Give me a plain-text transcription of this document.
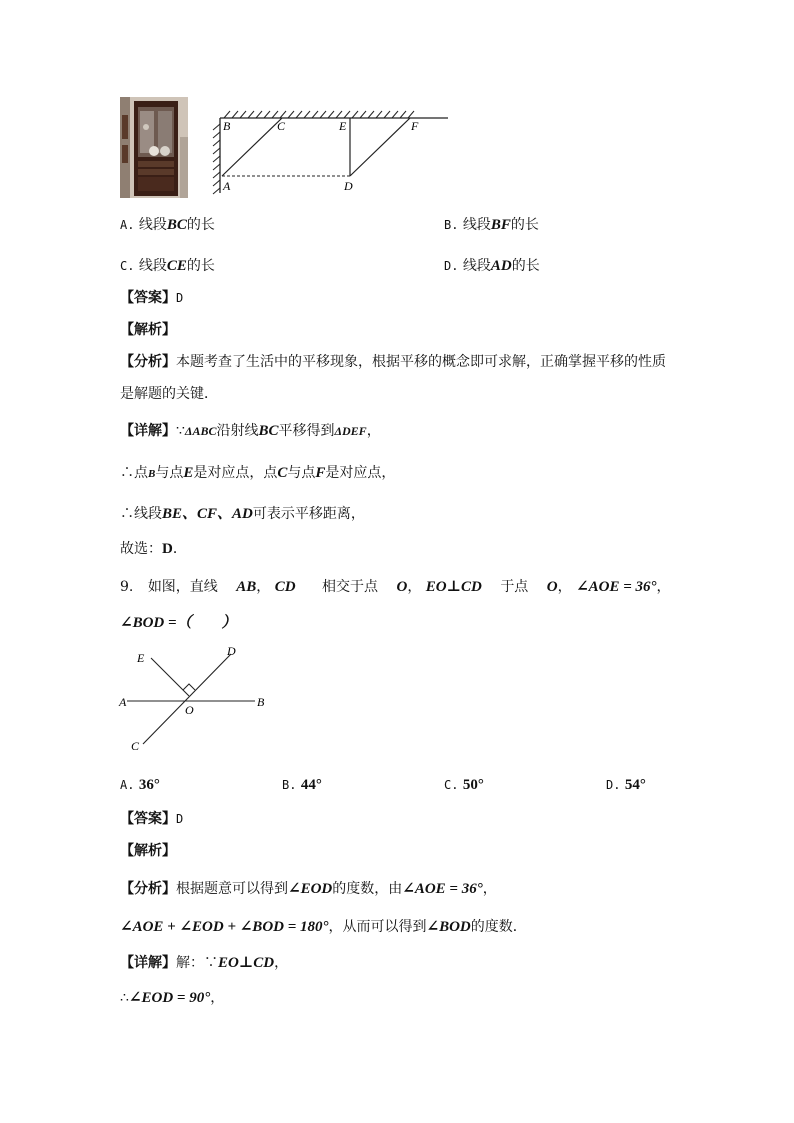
B	C	E	F
A	D
A. 线段BC的长	B. 线段BF的长
C. 线段CE的长	D. 线段AD的长
【答案】D
【解析】
【分析】本题考查了生活中的平移现象，根据平移的概念即可求解，正确掌握平移的性质
是解题的关键．
【详解】∵ΔABC沿射线BC平移得到ΔDEF，
∴点B与点E是对应点，点C与点F是对应点，
∴线段BE、CF、AD可表示平移距离，
故选：D．
9. 如图，直线 AB， CD 相交于点 O， EO⊥CD 于点 O， ∠AOE = 36°，
∠BOD =（　　）
E	D
A
O
B
C
A. 36°	B. 44°	C. 50°	D. 54°
【答案】D
【解析】
【分析】根据题意可以得到∠EOD的度数，由∠AOE = 36°，
∠AOE + ∠EOD + ∠BOD = 180°，从而可以得到∠BOD的度数．
【详解】解：∵EO⊥CD，
∴∠EOD = 90°，
